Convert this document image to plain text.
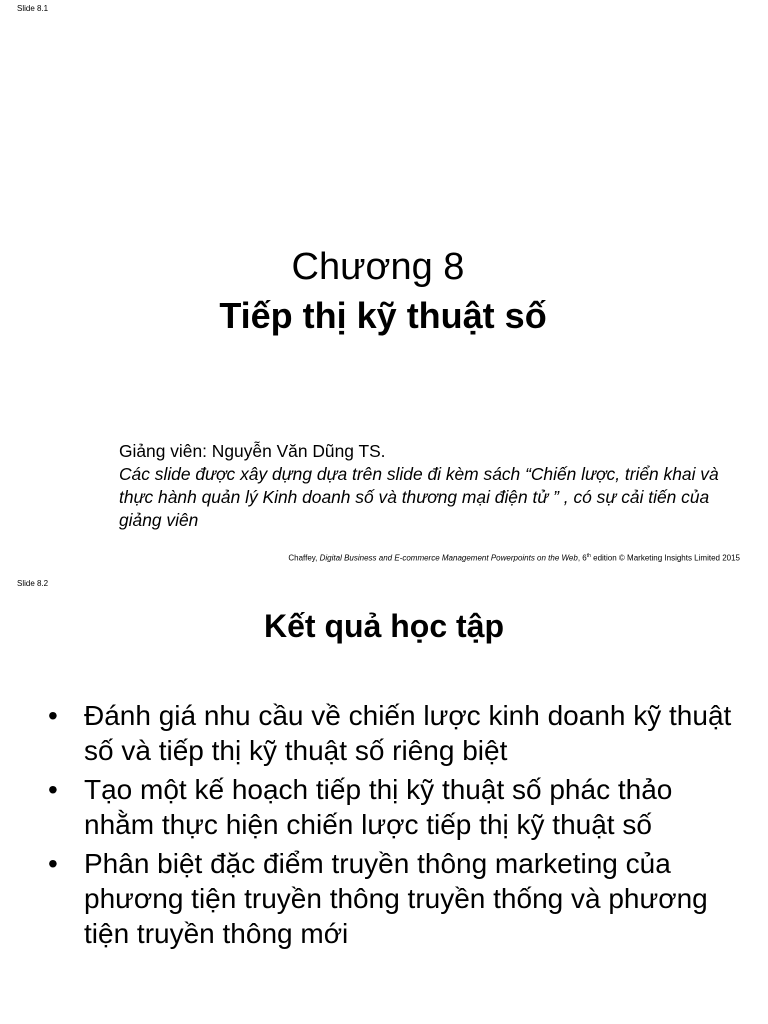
Slide 8.1
Chương 8
Tiếp thị kỹ thuật số
Giảng viên: Nguyễn Văn Dũng TS.
Các slide được xây dựng dựa trên slide đi kèm sách “Chiến lược, triển khai và thực hành quản lý Kinh doanh số và thương mại điện tử ” , có sự cải tiến của giảng viên
Chaffey, Digital Business and E-commerce Management Powerpoints on the Web, 6th edition © Marketing Insights Limited 2015
Slide 8.2
Kết quả học tập
• Đánh giá nhu cầu về chiến lược kinh doanh kỹ thuật số và tiếp thị kỹ thuật số riêng biệt
• Tạo một kế hoạch tiếp thị kỹ thuật số phác thảo nhằm thực hiện chiến lược tiếp thị kỹ thuật số
• Phân biệt đặc điểm truyền thông marketing của phương tiện truyền thông truyền thống và phương tiện truyền thông mới
